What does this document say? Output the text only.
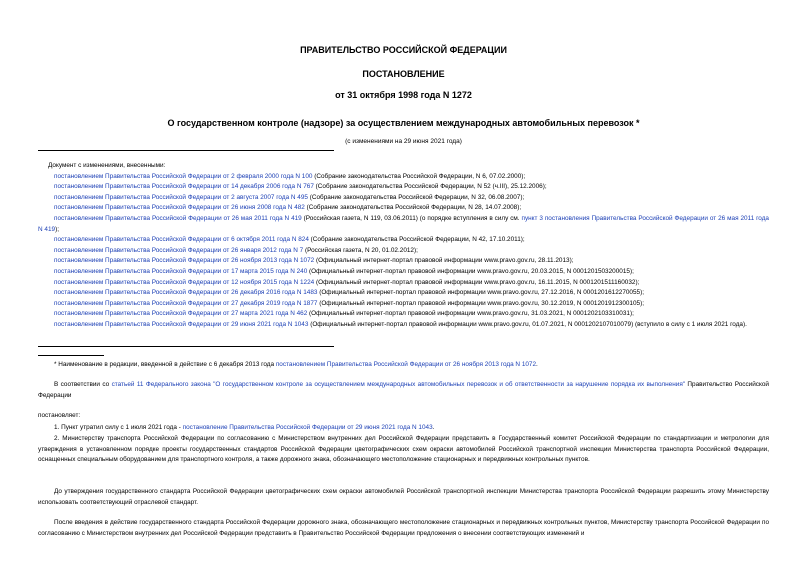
ПРАВИТЕЛЬСТВО РОССИЙСКОЙ ФЕДЕРАЦИИ

ПОСТАНОВЛЕНИЕ

от 31 октября 1998 года N 1272

О государственном контроле (надзоре) за осуществлением международных автомобильных перевозок *

(с изменениями на 29 июня 2021 года)

Документ с изменениями, внесенными:

постановлением Правительства Российской Федерации от 2 февраля 2000 года N 100 (Собрание законодательства Российской Федерации, N 6, 07.02.2000);

постановлением Правительства Российской Федерации от 14 декабря 2006 года N 767 (Собрание законодательства Российской Федерации, N 52 (ч.III), 25.12.2006);

постановлением Правительства Российской Федерации от 2 августа 2007 года N 495 (Собрание законодательства Российской Федерации, N 32, 06.08.2007);

постановлением Правительства Российской Федерации от 26 июня 2008 года N 482 (Собрание законодательства Российской Федерации, N 28, 14.07.2008);

постановлением Правительства Российской Федерации от 26 мая 2011 года N 419 (Российская газета, N 119, 03.06.2011) (о порядке вступления в силу см. пункт 3 постановления Правительства Российской Федерации от 26 мая 2011 года N 419);

постановлением Правительства Российской Федерации от 6 октября 2011 года N 824 (Собрание законодательства Российской Федерации, N 42, 17.10.2011);

постановлением Правительства Российской Федерации от 26 января 2012 года N 7 (Российская газета, N 20, 01.02.2012);

постановлением Правительства Российской Федерации от 26 ноября 2013 года N 1072 (Официальный интернет-портал правовой информации www.pravo.gov.ru, 28.11.2013);

постановлением Правительства Российской Федерации от 17 марта 2015 года N 240 (Официальный интернет-портал правовой информации www.pravo.gov.ru, 20.03.2015, N 0001201503200015);

постановлением Правительства Российской Федерации от 12 ноября 2015 года N 1224 (Официальный интернет-портал правовой информации www.pravo.gov.ru, 16.11.2015, N 0001201511160032);

постановлением Правительства Российской Федерации от 26 декабря 2016 года N 1483 (Официальный интернет-портал правовой информации www.pravo.gov.ru, 27.12.2016, N 0001201612270055);

постановлением Правительства Российской Федерации от 27 декабря 2019 года N 1877 (Официальный интернет-портал правовой информации www.pravo.gov.ru, 30.12.2019, N 0001201912300105);

постановлением Правительства Российской Федерации от 27 марта 2021 года N 462 (Официальный интернет-портал правовой информации www.pravo.gov.ru, 31.03.2021, N 0001202103310031);

постановлением Правительства Российской Федерации от 29 июня 2021 года N 1043 (Официальный интернет-портал правовой информации www.pravo.gov.ru, 01.07.2021, N 0001202107010079) (вступило в силу с 1 июля 2021 года).

* Наименование в редакции, введенной в действие с 6 декабря 2013 года постановлением Правительства Российской Федерации от 26 ноября 2013 года N 1072.

В соответствии со статьей 11 Федерального закона "О государственном контроле за осуществлением международных автомобильных перевозок и об ответственности за нарушение порядка их выполнения" Правительство Российской Федерации

постановляет:

1. Пункт утратил силу с 1 июля 2021 года - постановление Правительства Российской Федерации от 29 июня 2021 года N 1043.

2. Министерству транспорта Российской Федерации по согласованию с Министерством внутренних дел Российской Федерации представить в Государственный комитет Российской Федерации по стандартизации и метрологии для утверждения в установленном порядке проекты государственных стандартов Российской Федерации цветографических схем окраски автомобилей Российской транспортной инспекции Министерства транспорта Российской Федерации, оснащенных специальным оборудованием для транспортного контроля, а также дорожного знака, обозначающего местоположение стационарных и передвижных контрольных пунктов.

До утверждения государственного стандарта Российской Федерации цветографических схем окраски автомобилей Российской транспортной инспекции Министерства транспорта Российской Федерации разрешить этому Министерству использовать соответствующий отраслевой стандарт.

После введения в действие государственного стандарта Российской Федерации дорожного знака, обозначающего местоположение стационарных и передвижных контрольных пунктов, Министерству транспорта Российской Федерации по согласованию с Министерством внутренних дел Российской Федерации представить в Правительство Российской Федерации предложения о внесении соответствующих изменений и
